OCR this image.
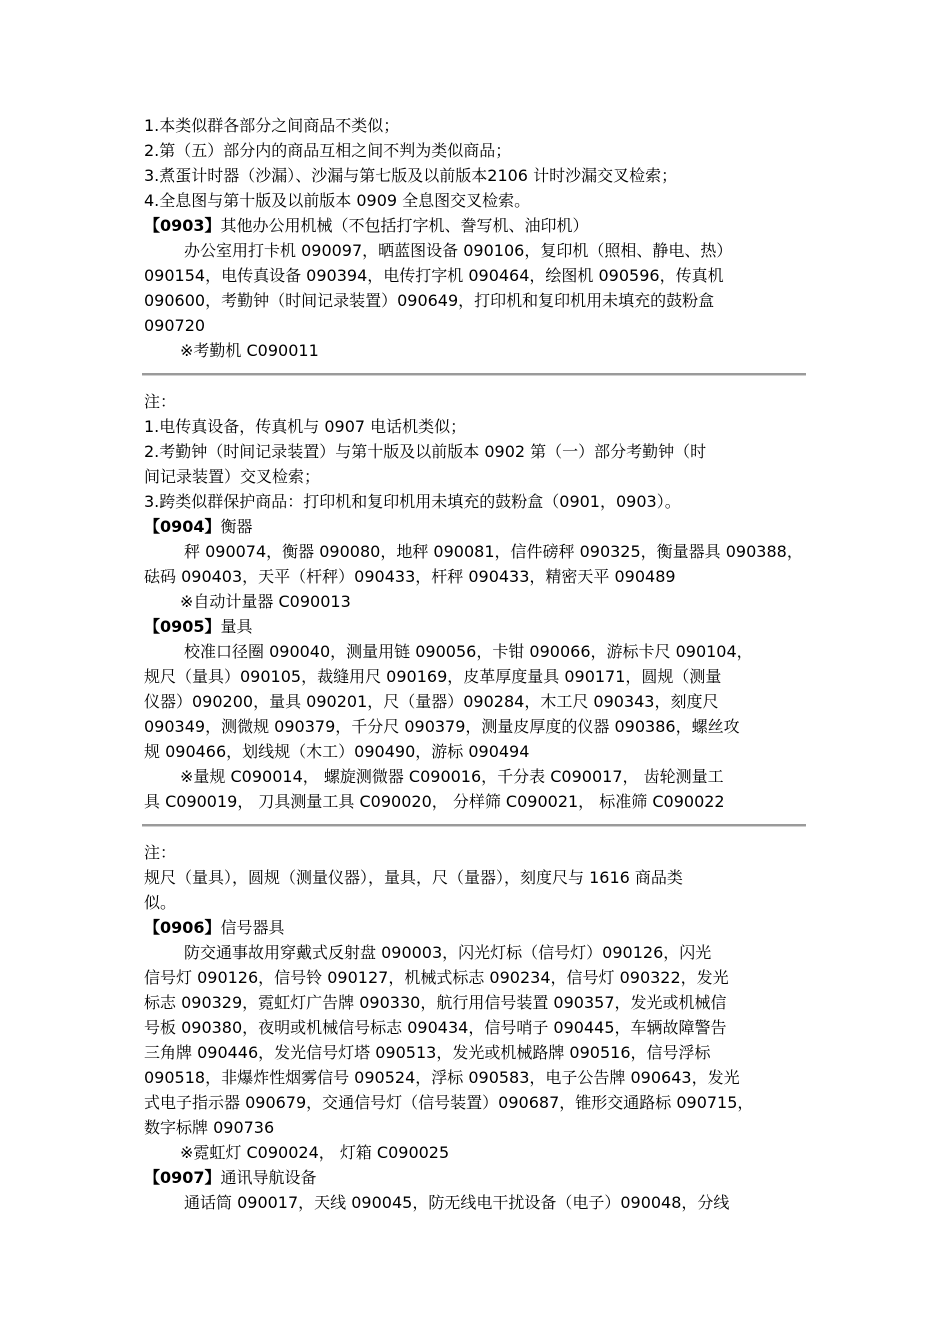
1.本类似群各部分之间商品不类似；
2.第（五）部分内的商品互相之间不判为类似商品；
3.煮蛋计时器（沙漏）、沙漏与第七版及以前版本2106 计时沙漏交叉检索；
4.全息图与第十版及以前版本 0909 全息图交叉检索。
【0903】其他办公用机械（不包括打字机、誊写机、油印机）
办公室用打卡机 090097，晒蓝图设备 090106，复印机（照相、静电、热）
090154，电传真设备 090394，电传打字机 090464，绘图机 090596，传真机
090600，考勤钟（时间记录装置）090649，打印机和复印机用未填充的鼓粉盒
090720
※考勤机 C090011
注：
1.电传真设备，传真机与 0907 电话机类似；
2.考勤钟（时间记录装置）与第十版及以前版本 0902 第（一）部分考勤钟（时
间记录装置）交叉检索；
3.跨类似群保护商品：打印机和复印机用未填充的鼓粉盒（0901，0903）。
【0904】衡器
秤 090074，衡器 090080，地秤 090081，信件磅秤 090325，衡量器具 090388，
砝码 090403，天平（杆秤）090433，杆秤 090433，精密天平 090489
※自动计量器 C090013
【0905】量具
校准口径圈 090040，测量用链 090056，卡钳 090066，游标卡尺 090104，
规尺（量具）090105，裁缝用尺 090169，皮革厚度量具 090171，圆规（测量
仪器）090200，量具 090201，尺（量器）090284，木工尺 090343，刻度尺
090349，测微规 090379，千分尺 090379，测量皮厚度的仪器 090386，螺丝攻
规 090466，划线规（木工）090490，游标 090494
※量规 C090014， 螺旋测微器 C090016，千分表 C090017， 齿轮测量工
具 C090019， 刀具测量工具 C090020， 分样筛 C090021， 标准筛 C090022
注：
规尺（量具），圆规（测量仪器），量具，尺（量器），刻度尺与 1616 商品类
似。
【0906】信号器具
防交通事故用穿戴式反射盘 090003，闪光灯标（信号灯）090126，闪光
信号灯 090126，信号铃 090127，机械式标志 090234，信号灯 090322，发光
标志 090329，霓虹灯广告牌 090330，航行用信号装置 090357，发光或机械信
号板 090380，夜明或机械信号标志 090434，信号哨子 090445，车辆故障警告
三角牌 090446，发光信号灯塔 090513，发光或机械路牌 090516，信号浮标
090518，非爆炸性烟雾信号 090524，浮标 090583，电子公告牌 090643，发光
式电子指示器 090679，交通信号灯（信号装置）090687，锥形交通路标 090715，
数字标牌 090736
※霓虹灯 C090024， 灯箱 C090025
【0907】通讯导航设备
通话筒 090017，天线 090045，防无线电干扰设备（电子）090048，分线
